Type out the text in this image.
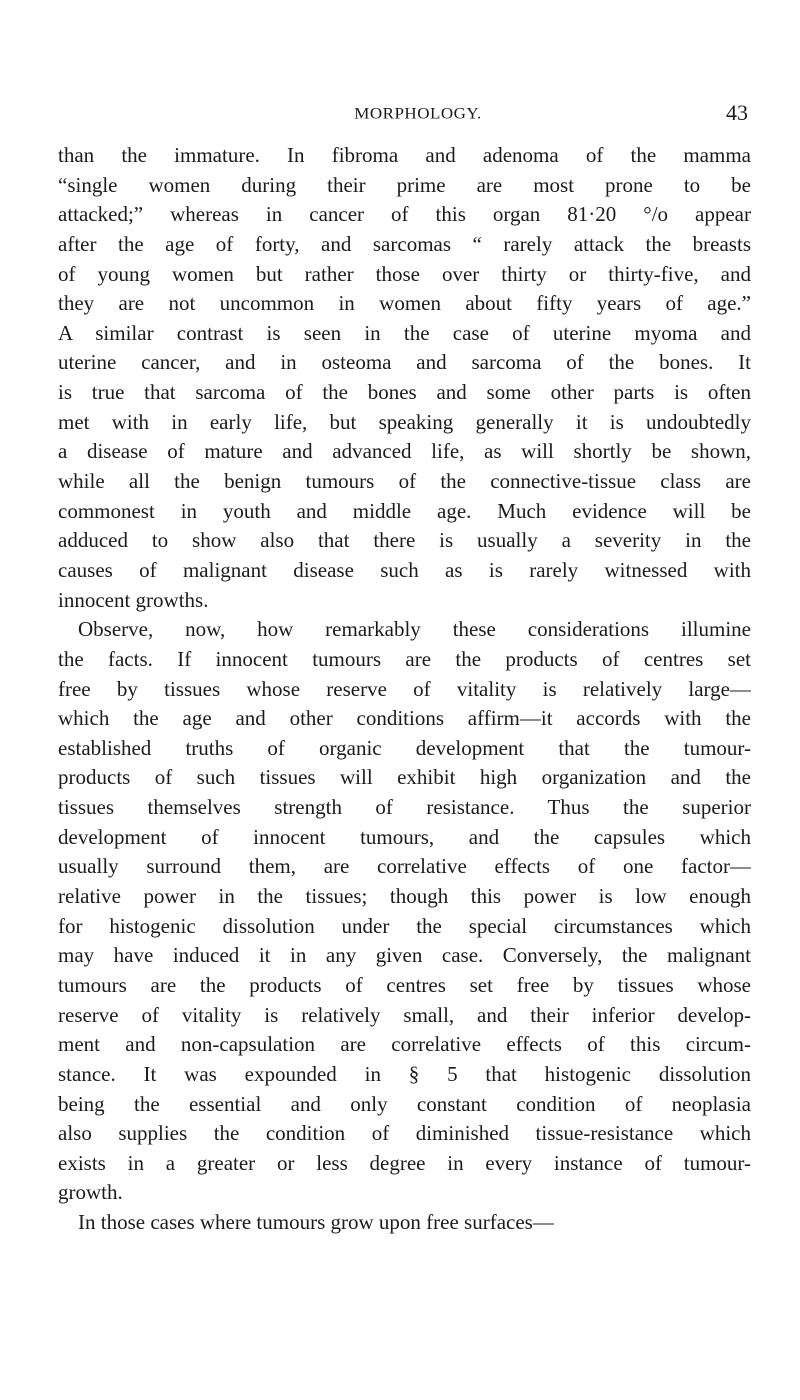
MORPHOLOGY.	43
than the immature. In fibroma and adenoma of the mamma
“single women during their prime are most prone to be
attacked;” whereas in cancer of this organ 81·20 °/o appear
after the age of forty, and sarcomas “ rarely attack the breasts
of young women but rather those over thirty or thirty-five, and
they are not uncommon in women about fifty years of age.”
A similar contrast is seen in the case of uterine myoma and
uterine cancer, and in osteoma and sarcoma of the bones. It
is true that sarcoma of the bones and some other parts is often
met with in early life, but speaking generally it is undoubtedly
a disease of mature and advanced life, as will shortly be shown,
while all the benign tumours of the connective-tissue class are
commonest in youth and middle age. Much evidence will be
adduced to show also that there is usually a severity in the
causes of malignant disease such as is rarely witnessed with
innocent growths.
Observe, now, how remarkably these considerations illumine
the facts. If innocent tumours are the products of centres set
free by tissues whose reserve of vitality is relatively large—
which the age and other conditions affirm—it accords with the
established truths of organic development that the tumour-
products of such tissues will exhibit high organization and the
tissues themselves strength of resistance. Thus the superior
development of innocent tumours, and the capsules which
usually surround them, are correlative effects of one factor—
relative power in the tissues; though this power is low enough
for histogenic dissolution under the special circumstances which
may have induced it in any given case. Conversely, the malignant
tumours are the products of centres set free by tissues whose
reserve of vitality is relatively small, and their inferior develop-
ment and non-capsulation are correlative effects of this circum-
stance. It was expounded in § 5 that histogenic dissolution
being the essential and only constant condition of neoplasia
also supplies the condition of diminished tissue-resistance which
exists in a greater or less degree in every instance of tumour-
growth.
In those cases where tumours grow upon free surfaces—
